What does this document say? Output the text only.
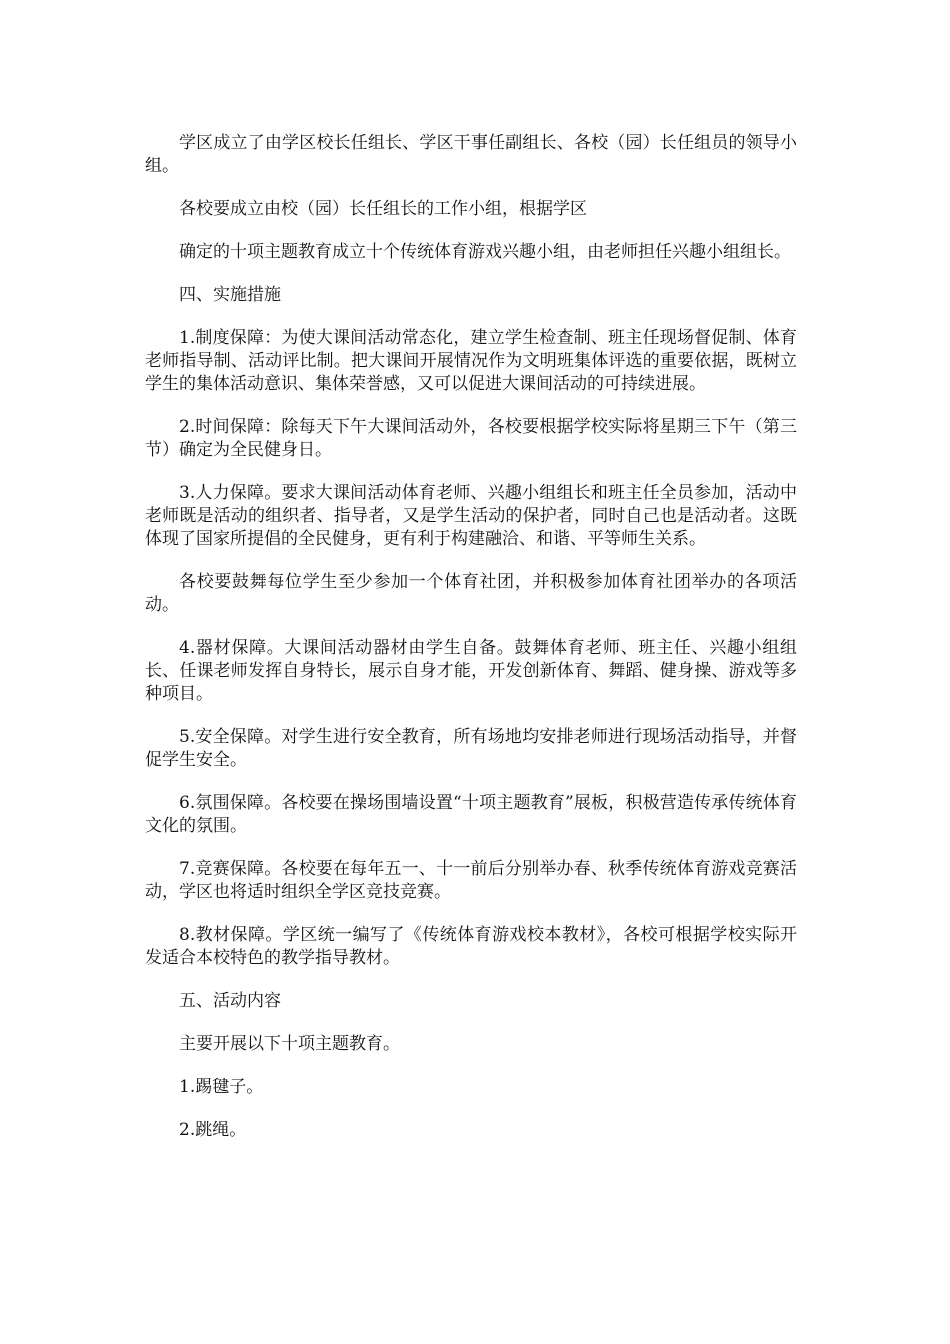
学区成立了由学区校长任组长、学区干事任副组长、各校（园）长任组员的领导小组。

各校要成立由校（园）长任组长的工作小组，根据学区

确定的十项主题教育成立十个传统体育游戏兴趣小组，由老师担任兴趣小组组长。

四、实施措施

1.制度保障：为使大课间活动常态化，建立学生检查制、班主任现场督促制、体育老师指导制、活动评比制。把大课间开展情况作为文明班集体评选的重要依据，既树立学生的集体活动意识、集体荣誉感，又可以促进大课间活动的可持续进展。

2.时间保障：除每天下午大课间活动外，各校要根据学校实际将星期三下午（第三节）确定为全民健身日。

3.人力保障。要求大课间活动体育老师、兴趣小组组长和班主任全员参加，活动中老师既是活动的组织者、指导者，又是学生活动的保护者，同时自己也是活动者。这既体现了国家所提倡的全民健身，更有利于构建融洽、和谐、平等师生关系。

各校要鼓舞每位学生至少参加一个体育社团，并积极参加体育社团举办的各项活动。

4.器材保障。大课间活动器材由学生自备。鼓舞体育老师、班主任、兴趣小组组长、任课老师发挥自身特长，展示自身才能，开发创新体育、舞蹈、健身操、游戏等多种项目。

5.安全保障。对学生进行安全教育，所有场地均安排老师进行现场活动指导，并督促学生安全。

6.氛围保障。各校要在操场围墙设置“十项主题教育”展板，积极营造传承传统体育文化的氛围。

7.竞赛保障。各校要在每年五一、十一前后分别举办春、秋季传统体育游戏竞赛活动，学区也将适时组织全学区竞技竞赛。

8.教材保障。学区统一编写了《传统体育游戏校本教材》，各校可根据学校实际开发适合本校特色的教学指导教材。

五、活动内容

主要开展以下十项主题教育。

1.踢毽子。

2.跳绳。
